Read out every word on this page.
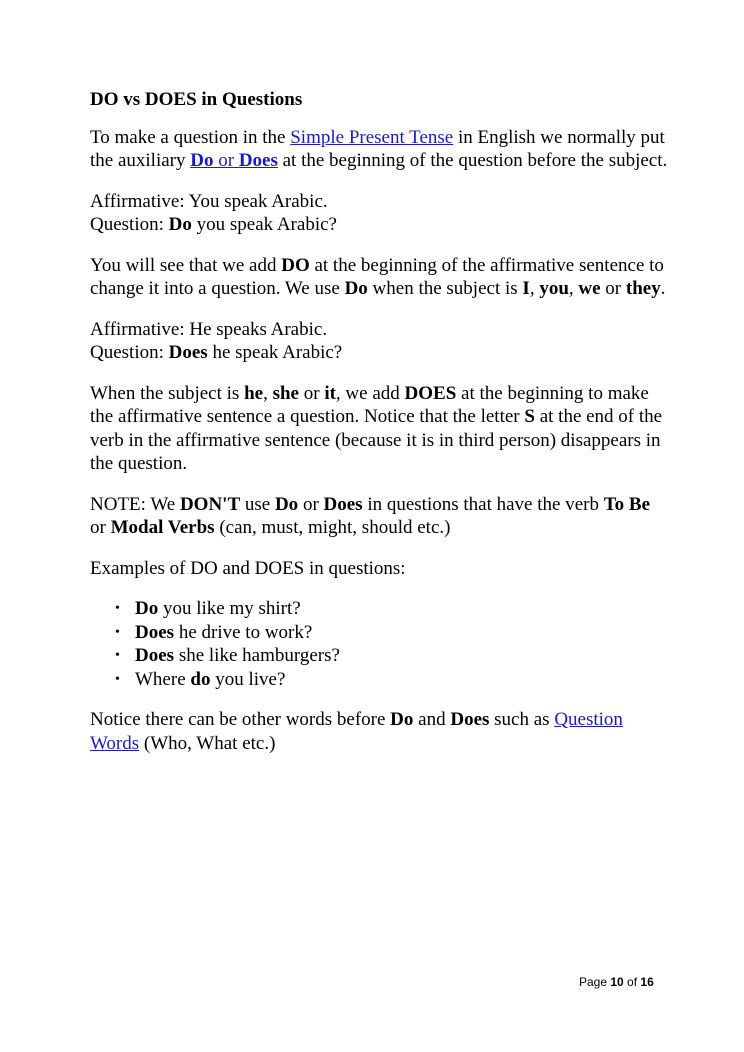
DO vs DOES in Questions

To make a question in the Simple Present Tense in English we normally put the auxiliary Do or Does at the beginning of the question before the subject.

Affirmative: You speak Arabic.
Question: Do you speak Arabic?

You will see that we add DO at the beginning of the affirmative sentence to change it into a question. We use Do when the subject is I, you, we or they.

Affirmative: He speaks Arabic.
Question: Does he speak Arabic?

When the subject is he, she or it, we add DOES at the beginning to make the affirmative sentence a question. Notice that the letter S at the end of the verb in the affirmative sentence (because it is in third person) disappears in the question.

NOTE: We DON'T use Do or Does in questions that have the verb To Be or Modal Verbs (can, must, might, should etc.)

Examples of DO and DOES in questions:

• Do you like my shirt?
• Does he drive to work?
• Does she like hamburgers?
• Where do you live?

Notice there can be other words before Do and Does such as Question Words (Who, What etc.)

Page 10 of 16
